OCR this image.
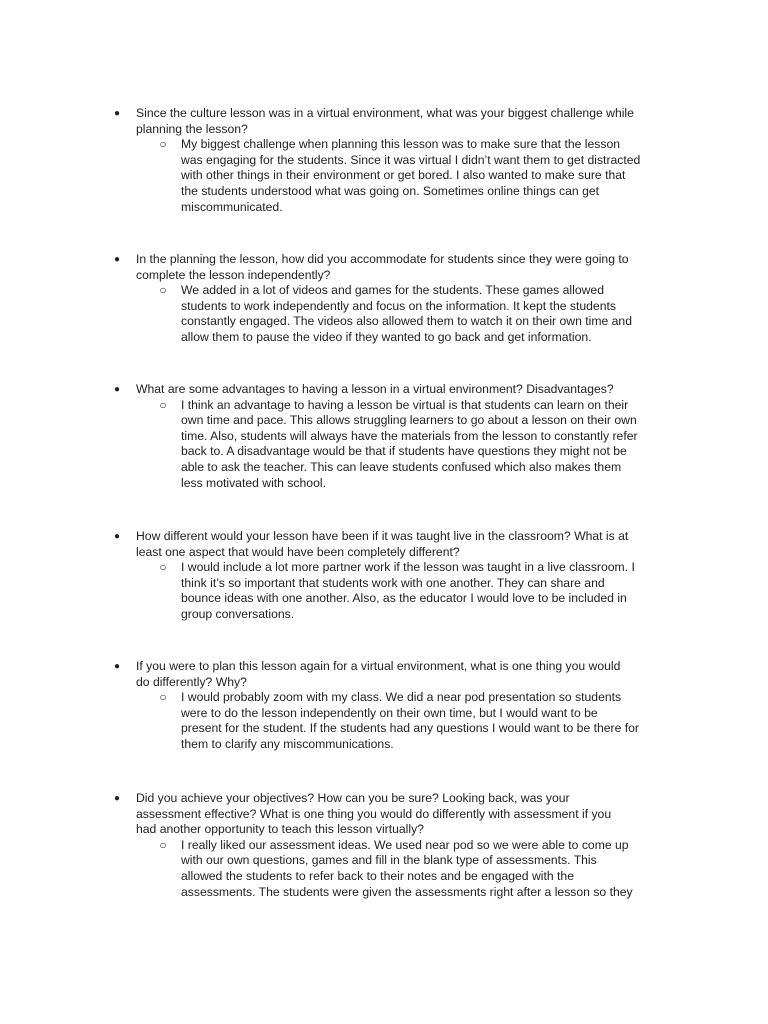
● Since the culture lesson was in a virtual environment, what was your biggest challenge while
planning the lesson?
○ My biggest challenge when planning this lesson was to make sure that the lesson
was engaging for the students. Since it was virtual I didn’t want them to get distracted
with other things in their environment or get bored. I also wanted to make sure that
the students understood what was going on. Sometimes online things can get
miscommunicated.
● In the planning the lesson, how did you accommodate for students since they were going to
complete the lesson independently?
○ We added in a lot of videos and games for the students. These games allowed
students to work independently and focus on the information. It kept the students
constantly engaged. The videos also allowed them to watch it on their own time and
allow them to pause the video if they wanted to go back and get information.
● What are some advantages to having a lesson in a virtual environment? Disadvantages?
○ I think an advantage to having a lesson be virtual is that students can learn on their
own time and pace. This allows struggling learners to go about a lesson on their own
time. Also, students will always have the materials from the lesson to constantly refer
back to. A disadvantage would be that if students have questions they might not be
able to ask the teacher. This can leave students confused which also makes them
less motivated with school.
● How different would your lesson have been if it was taught live in the classroom? What is at
least one aspect that would have been completely different?
○ I would include a lot more partner work if the lesson was taught in a live classroom. I
think it’s so important that students work with one another. They can share and
bounce ideas with one another. Also, as the educator I would love to be included in
group conversations.
● If you were to plan this lesson again for a virtual environment, what is one thing you would
do differently? Why?
○ I would probably zoom with my class. We did a near pod presentation so students
were to do the lesson independently on their own time, but I would want to be
present for the student. If the students had any questions I would want to be there for
them to clarify any miscommunications.
● Did you achieve your objectives? How can you be sure? Looking back, was your
assessment effective? What is one thing you would do differently with assessment if you
had another opportunity to teach this lesson virtually?
○ I really liked our assessment ideas. We used near pod so we were able to come up
with our own questions, games and fill in the blank type of assessments. This
allowed the students to refer back to their notes and be engaged with the
assessments. The students were given the assessments right after a lesson so they
